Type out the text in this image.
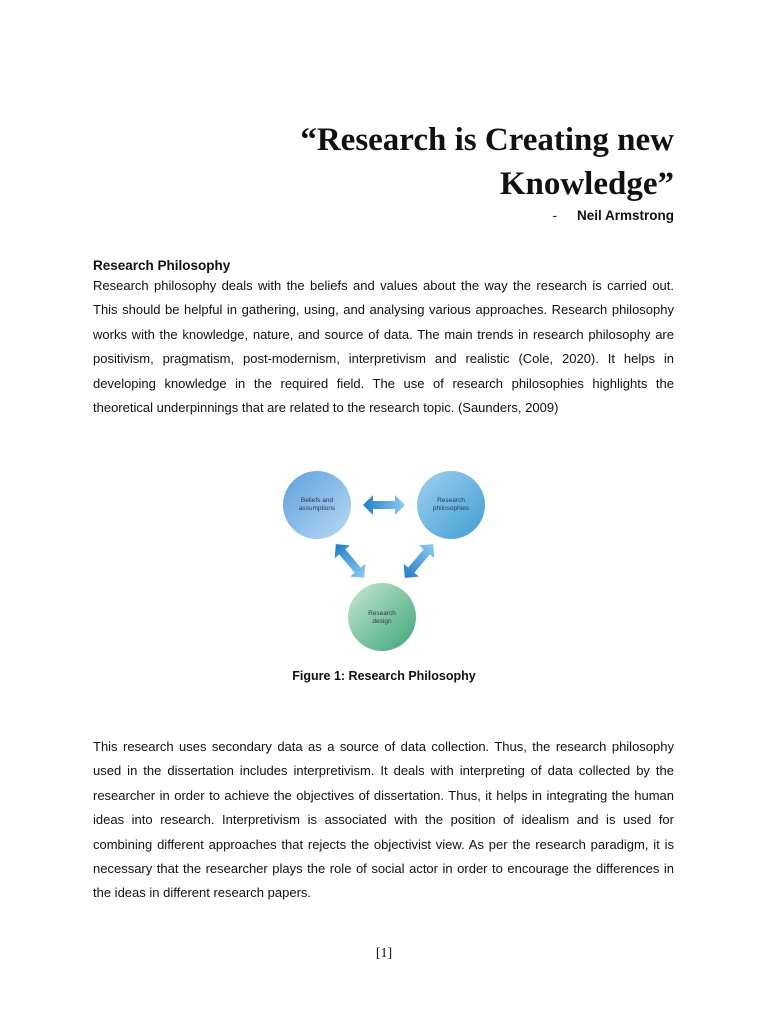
“Research is Creating new
Knowledge”
- Neil Armstrong
Research Philosophy

Research philosophy deals with the beliefs and values about the way the research is carried out. This should be helpful in gathering, using, and analysing various approaches. Research philosophy works with the knowledge, nature, and source of data. The main trends in research philosophy are positivism, pragmatism, post-modernism, interpretivism and realistic (Cole, 2020). It helps in developing knowledge in the required field. The use of research philosophies highlights the theoretical underpinnings that are related to the research topic. (Saunders, 2009)

Beliefs and
assumptions
Research
philosophies
Research
design
Figure 1: Research Philosophy

This research uses secondary data as a source of data collection. Thus, the research philosophy used in the dissertation includes interpretivism. It deals with interpreting of data collected by the researcher in order to achieve the objectives of dissertation. Thus, it helps in integrating the human ideas into research. Interpretivism is associated with the position of idealism and is used for combining different approaches that rejects the objectivist view. As per the research paradigm, it is necessary that the researcher plays the role of social actor in order to encourage the differences in the ideas in different research papers.

[1]
